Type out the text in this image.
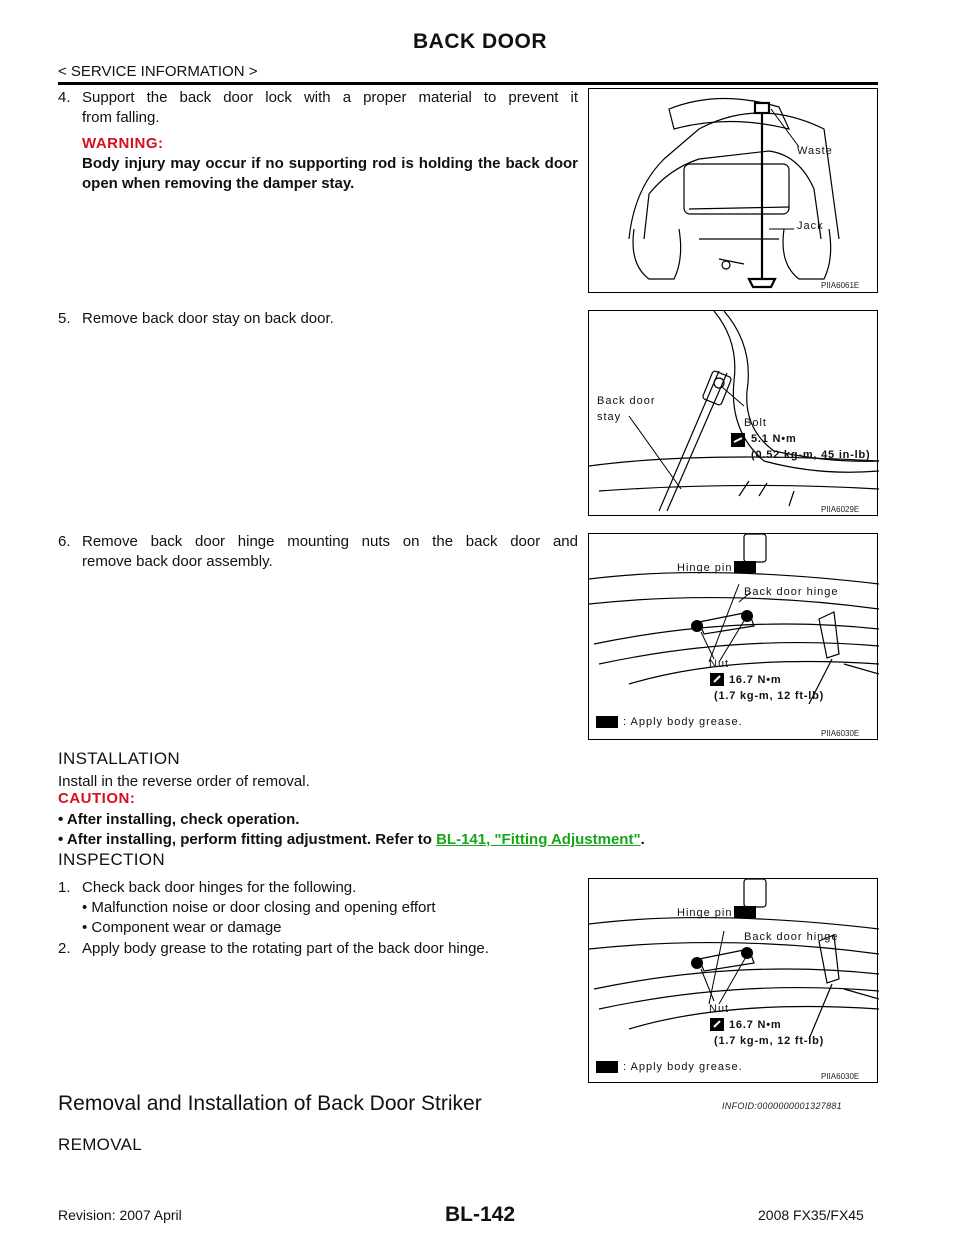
BACK DOOR
< SERVICE INFORMATION >
4. Support the back door lock with a proper material to prevent it
from falling.
WARNING:
Body injury may occur if no supporting rod is holding the back door open when removing the damper stay.
Waste
Jack
PIIA6061E
5. Remove back door stay on back door.
Back door
stay	Bolt
5.1 N•m
(0.52 kg-m, 45 in-lb)
PIIA6029E
6. Remove back door hinge mounting nuts on the back door and
remove back door assembly.	Hinge pin
Back door hinge
Nut
16.7 N•m
(1.7 kg-m, 12 ft-lb)
: Apply body grease.
PIIA6030E
INSTALLATION
Install in the reverse order of removal.
CAUTION:
• After installing, check operation.
• After installing, perform fitting adjustment. Refer to BL-141, "Fitting Adjustment".
INSPECTION
1. Check back door hinges for the following.
• Malfunction noise or door closing and opening effort
• Component wear or damage
2. Apply body grease to the rotating part of the back door hinge.
Hinge pin
Back door hinge
Nut
16.7 N•m
(1.7 kg-m, 12 ft-lb)
: Apply body grease.
PIIA6030E
Removal and Installation of Back Door Striker	INFOID:0000000001327881
REMOVAL
Revision: 2007 April	BL-142	2008 FX35/FX45
